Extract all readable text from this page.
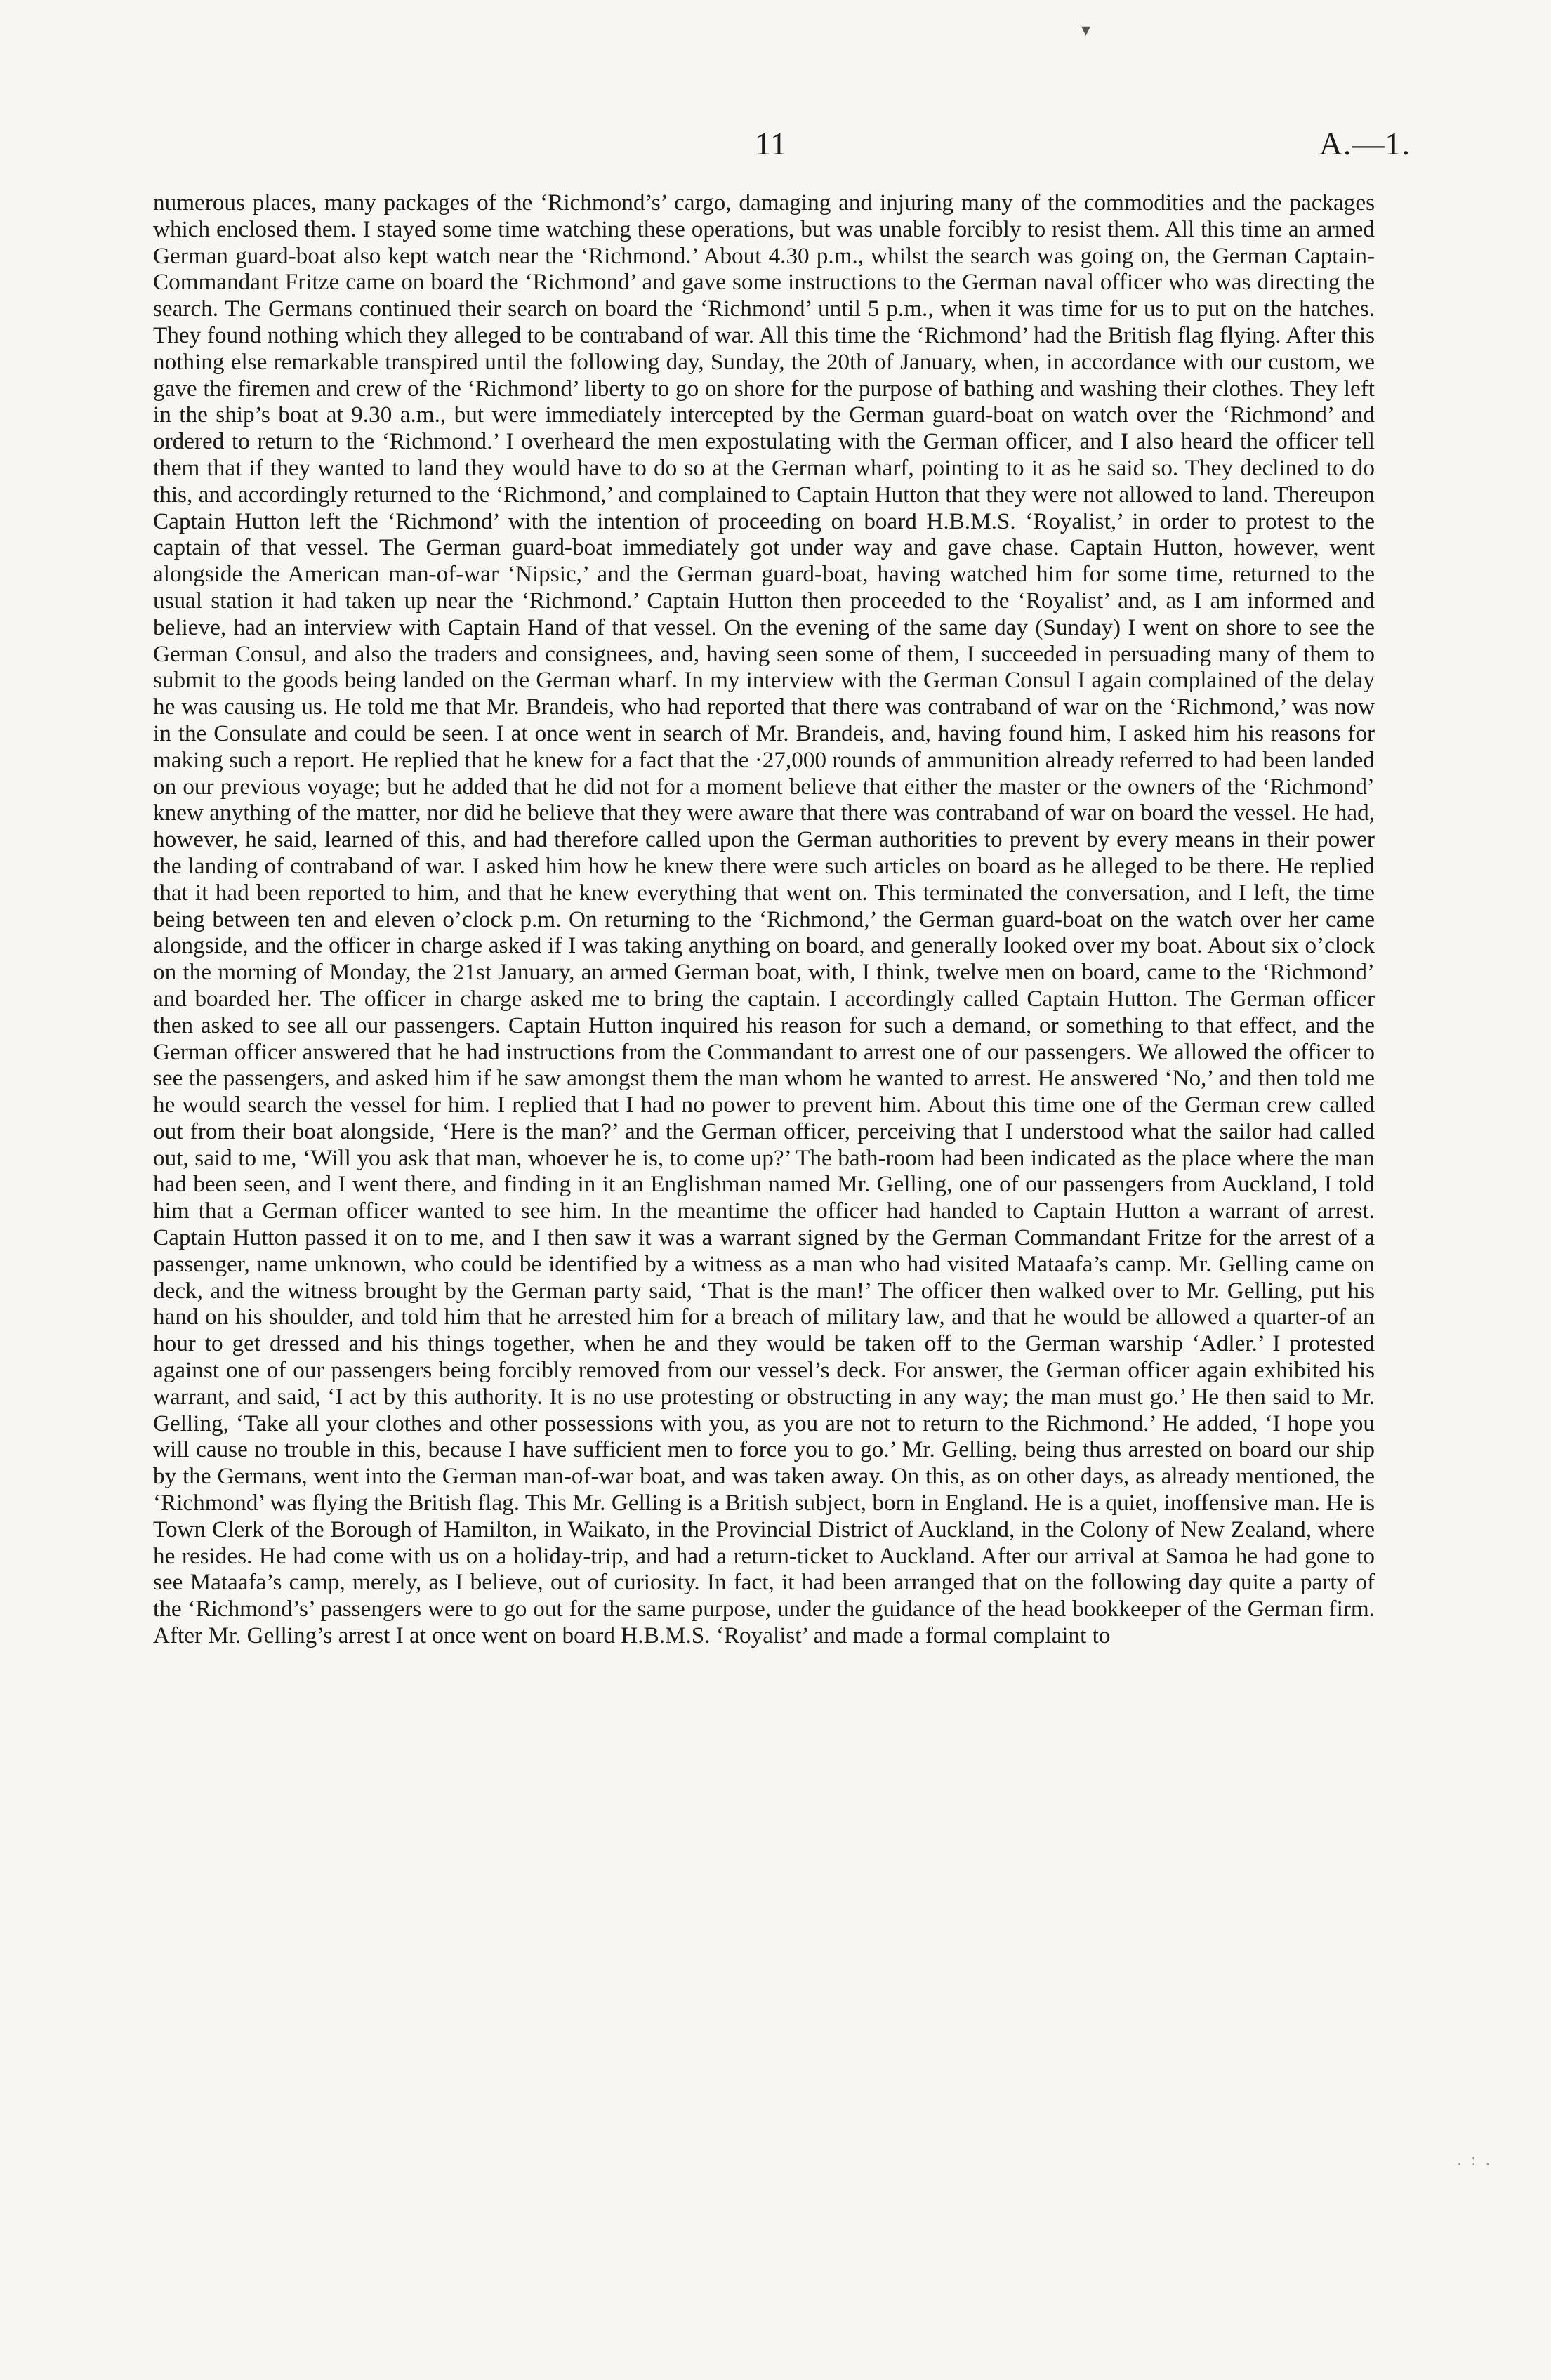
▾
11	A.—1.

numerous places, many packages of the ‘Richmond’s’ cargo, damaging and injuring many of the commodities and the packages which enclosed them. I stayed some time watching these operations, but was unable forcibly to resist them. All this time an armed German guard-boat also kept watch near the ‘Richmond.’ About 4.30 p.m., whilst the search was going on, the German Captain-Commandant Fritze came on board the ‘Richmond’ and gave some instructions to the German naval officer who was directing the search. The Germans continued their search on board the ‘Richmond’ until 5 p.m., when it was time for us to put on the hatches. They found nothing which they alleged to be contraband of war. All this time the ‘Richmond’ had the British flag flying. After this nothing else remarkable transpired until the following day, Sunday, the 20th of January, when, in accordance with our custom, we gave the firemen and crew of the ‘Richmond’ liberty to go on shore for the purpose of bathing and washing their clothes. They left in the ship’s boat at 9.30 a.m., but were immediately intercepted by the German guard-boat on watch over the ‘Richmond’ and ordered to return to the ‘Richmond.’ I overheard the men expostulating with the German officer, and I also heard the officer tell them that if they wanted to land they would have to do so at the German wharf, pointing to it as he said so. They declined to do this, and accordingly returned to the ‘Richmond,’ and complained to Captain Hutton that they were not allowed to land. Thereupon Captain Hutton left the ‘Richmond’ with the intention of proceeding on board H.B.M.S. ‘Royalist,’ in order to protest to the captain of that vessel. The German guard-boat immediately got under way and gave chase. Captain Hutton, however, went alongside the American man-of-war ‘Nipsic,’ and the German guard-boat, having watched him for some time, returned to the usual station it had taken up near the ‘Richmond.’ Captain Hutton then proceeded to the ‘Royalist’ and, as I am informed and believe, had an interview with Captain Hand of that vessel. On the evening of the same day (Sunday) I went on shore to see the German Consul, and also the traders and consignees, and, having seen some of them, I succeeded in persuading many of them to submit to the goods being landed on the German wharf. In my interview with the German Consul I again complained of the delay he was causing us. He told me that Mr. Brandeis, who had reported that there was contraband of war on the ‘Richmond,’ was now in the Consulate and could be seen. I at once went in search of Mr. Brandeis, and, having found him, I asked him his reasons for making such a report. He replied that he knew for a fact that the ·27,000 rounds of ammunition already referred to had been landed on our previous voyage; but he added that he did not for a moment believe that either the master or the owners of the ‘Richmond’ knew anything of the matter, nor did he believe that they were aware that there was contraband of war on board the vessel. He had, however, he said, learned of this, and had therefore called upon the German authorities to prevent by every means in their power the landing of contraband of war. I asked him how he knew there were such articles on board as he alleged to be there. He replied that it had been reported to him, and that he knew everything that went on. This terminated the conversation, and I left, the time being between ten and eleven o’clock p.m. On returning to the ‘Richmond,’ the German guard-boat on the watch over her came alongside, and the officer in charge asked if I was taking anything on board, and generally looked over my boat. About six o’clock on the morning of Monday, the 21st January, an armed German boat, with, I think, twelve men on board, came to the ‘Richmond’ and boarded her. The officer in charge asked me to bring the captain. I accordingly called Captain Hutton. The German officer then asked to see all our passengers. Captain Hutton inquired his reason for such a demand, or something to that effect, and the German officer answered that he had instructions from the Commandant to arrest one of our passengers. We allowed the officer to see the passengers, and asked him if he saw amongst them the man whom he wanted to arrest. He answered ‘No,’ and then told me he would search the vessel for him. I replied that I had no power to prevent him. About this time one of the German crew called out from their boat alongside, ‘Here is the man?’ and the German officer, perceiving that I understood what the sailor had called out, said to me, ‘Will you ask that man, whoever he is, to come up?’ The bath-room had been indicated as the place where the man had been seen, and I went there, and finding in it an Englishman named Mr. Gelling, one of our passengers from Auckland, I told him that a German officer wanted to see him. In the meantime the officer had handed to Captain Hutton a warrant of arrest. Captain Hutton passed it on to me, and I then saw it was a warrant signed by the German Commandant Fritze for the arrest of a passenger, name unknown, who could be identified by a witness as a man who had visited Mataafa’s camp. Mr. Gelling came on deck, and the witness brought by the German party said, ‘That is the man!’ The officer then walked over to Mr. Gelling, put his hand on his shoulder, and told him that he arrested him for a breach of military law, and that he would be allowed a quarter-of an hour to get dressed and his things together, when he and they would be taken off to the German warship ‘Adler.’ I protested against one of our passengers being forcibly removed from our vessel’s deck. For answer, the German officer again exhibited his warrant, and said, ‘I act by this authority. It is no use protesting or obstructing in any way; the man must go.’ He then said to Mr. Gelling, ‘Take all your clothes and other possessions with you, as you are not to return to the Richmond.’ He added, ‘I hope you will cause no trouble in this, because I have sufficient men to force you to go.’ Mr. Gelling, being thus arrested on board our ship by the Germans, went into the German man-of-war boat, and was taken away. On this, as on other days, as already mentioned, the ‘Richmond’ was flying the British flag. This Mr. Gelling is a British subject, born in England. He is a quiet, inoffensive man. He is Town Clerk of the Borough of Hamilton, in Waikato, in the Provincial District of Auckland, in the Colony of New Zealand, where he resides. He had come with us on a holiday-trip, and had a return-ticket to Auckland. After our arrival at Samoa he had gone to see Mataafa’s camp, merely, as I believe, out of curiosity. In fact, it had been arranged that on the following day quite a party of the ‘Richmond’s’ passengers were to go out for the same purpose, under the guidance of the head bookkeeper of the German firm. After Mr. Gelling’s arrest I at once went on board H.B.M.S. ‘Royalist’ and made a formal complaint to

. : .
